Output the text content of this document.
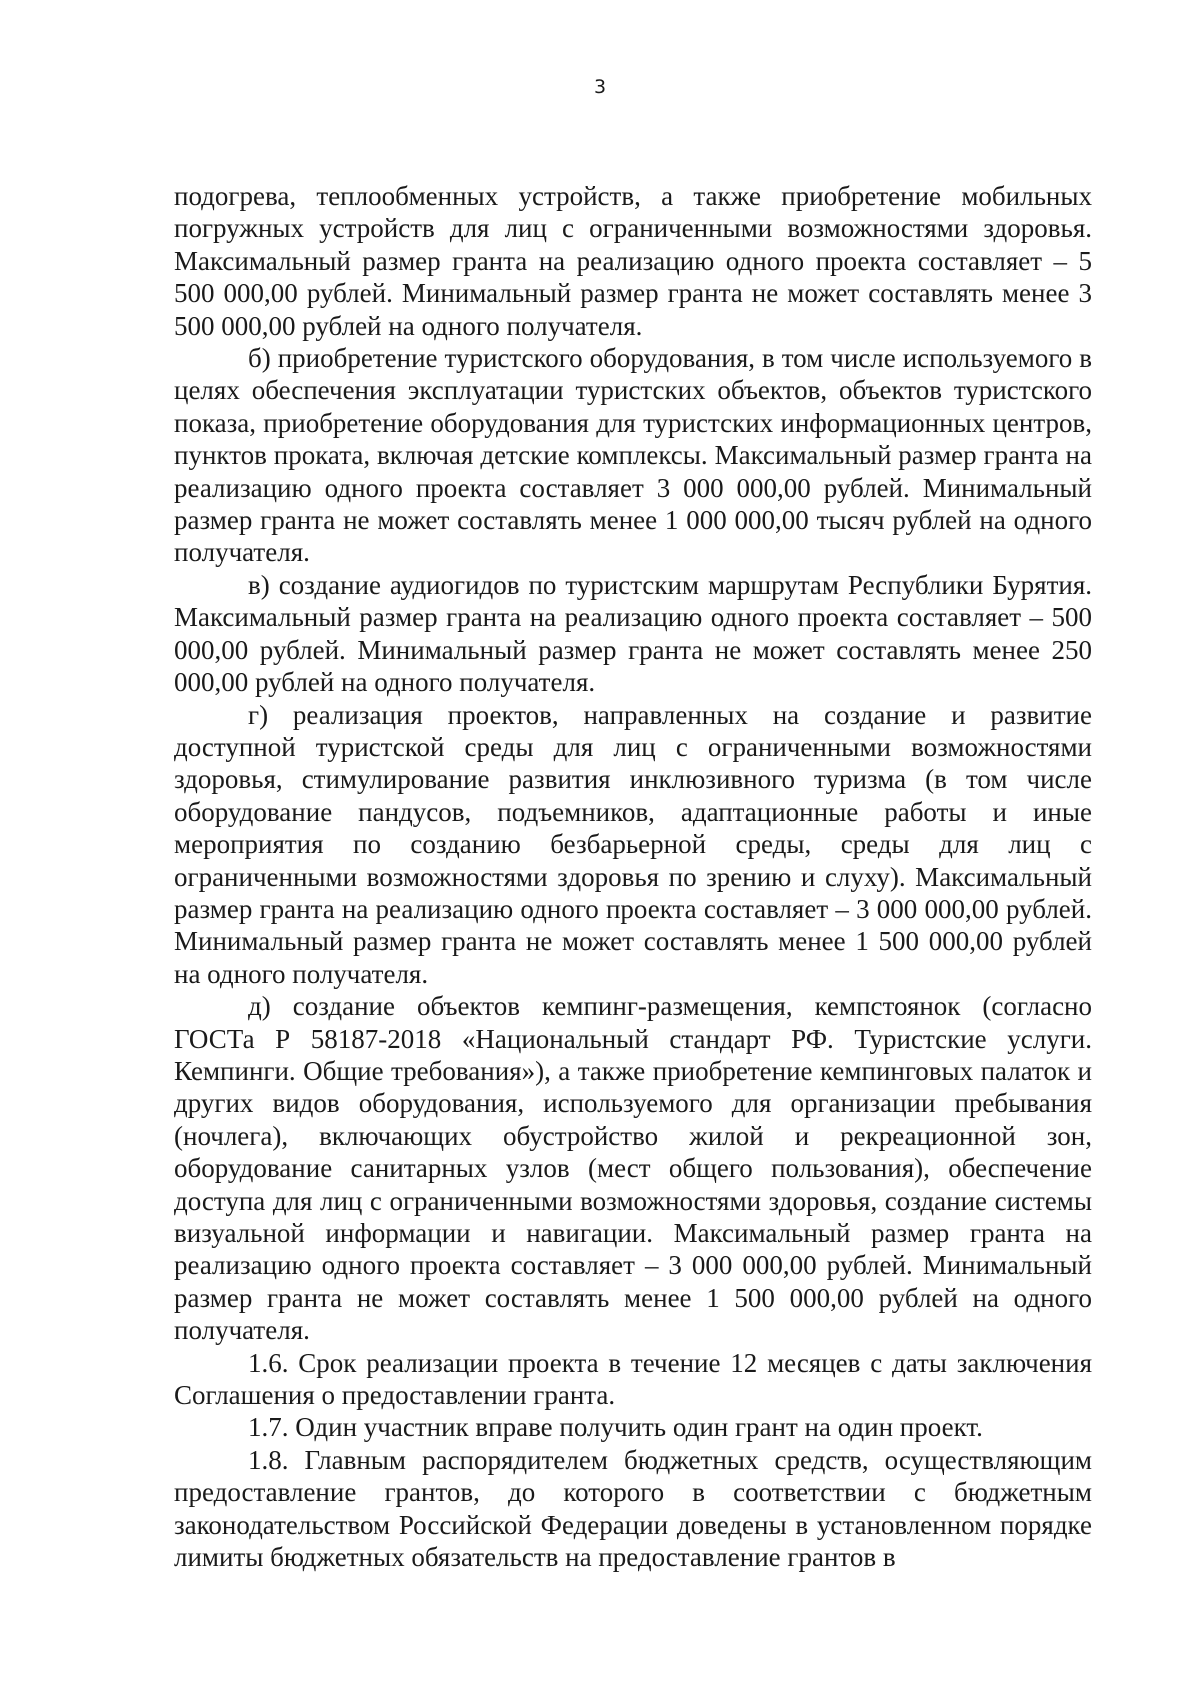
3

подогрева, теплообменных устройств, а также приобретение мобильных погружных устройств для лиц с ограниченными возможностями здоровья. Максимальный размер гранта на реализацию одного проекта составляет – 5 500 000,00 рублей. Минимальный размер гранта не может составлять менее 3 500 000,00 рублей на одного получателя.

б) приобретение туристского оборудования, в том числе используемого в целях обеспечения эксплуатации туристских объектов, объектов туристского показа, приобретение оборудования для туристских информационных центров, пунктов проката, включая детские комплексы. Максимальный размер гранта на реализацию одного проекта составляет 3 000 000,00 рублей. Минимальный размер гранта не может составлять менее 1 000 000,00 тысяч рублей на одного получателя.

в) создание аудиогидов по туристским маршрутам Республики Бурятия. Максимальный размер гранта на реализацию одного проекта составляет – 500 000,00 рублей. Минимальный размер гранта не может составлять менее 250 000,00 рублей на одного получателя.

г) реализация проектов, направленных на создание и развитие доступной туристской среды для лиц с ограниченными возможностями здоровья, стимулирование развития инклюзивного туризма (в том числе оборудование пандусов, подъемников, адаптационные работы и иные мероприятия по созданию безбарьерной среды, среды для лиц с ограниченными возможностями здоровья по зрению и слуху). Максимальный размер гранта на реализацию одного проекта составляет – 3 000 000,00 рублей. Минимальный размер гранта не может составлять менее 1 500 000,00 рублей на одного получателя.

д) создание объектов кемпинг-размещения, кемпстоянок (согласно ГОСТа Р 58187-2018 «Национальный стандарт РФ. Туристские услуги. Кемпинги. Общие требования»), а также приобретение кемпинговых палаток и других видов оборудования, используемого для организации пребывания (ночлега), включающих обустройство жилой и рекреационной зон, оборудование санитарных узлов (мест общего пользования), обеспечение доступа для лиц с ограниченными возможностями здоровья, создание системы визуальной информации и навигации. Максимальный размер гранта на реализацию одного проекта составляет – 3 000 000,00 рублей. Минимальный размер гранта не может составлять менее 1 500 000,00 рублей на одного получателя.

1.6. Срок реализации проекта в течение 12 месяцев с даты заключения Соглашения о предоставлении гранта.

1.7. Один участник вправе получить один грант на один проект.

1.8. Главным распорядителем бюджетных средств, осуществляющим предоставление грантов, до которого в соответствии с бюджетным законодательством Российской Федерации доведены в установленном порядке лимиты бюджетных обязательств на предоставление грантов в
